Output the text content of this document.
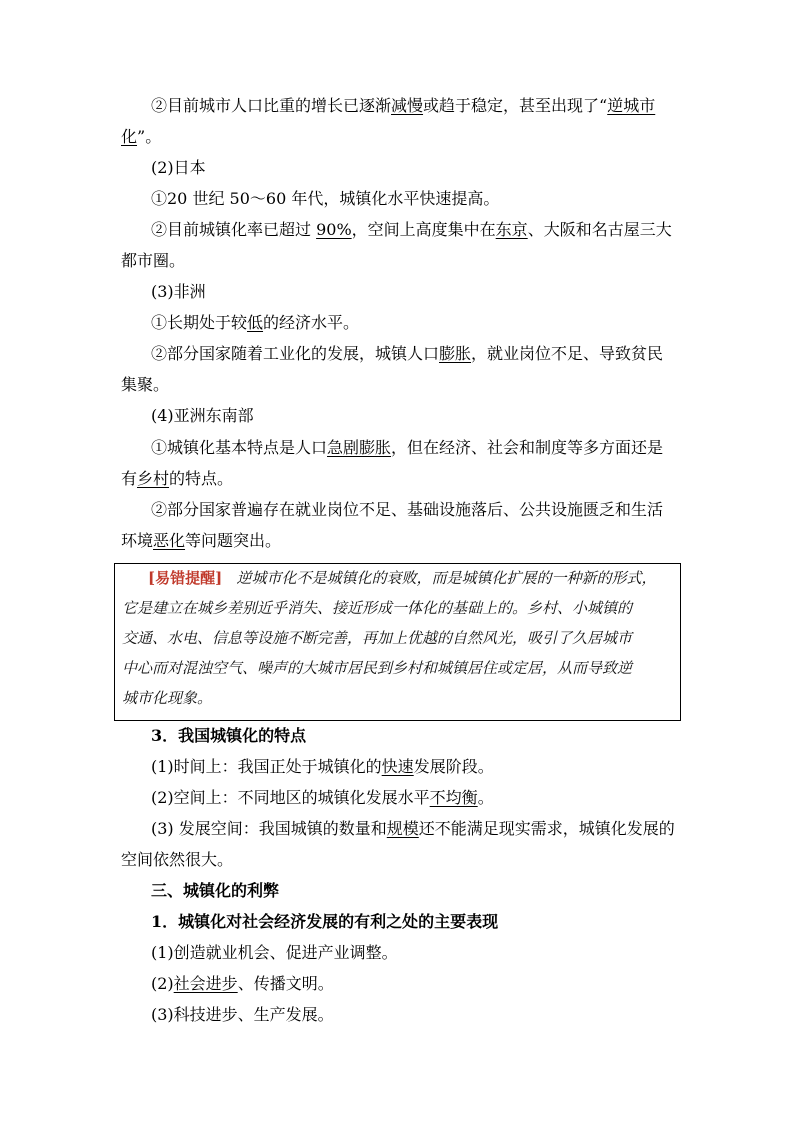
②目前城市人口比重的增长已逐渐减慢或趋于稳定，甚至出现了“逆城市
化”。
(2)日本
①20 世纪 50～60 年代，城镇化水平快速提高。
②目前城镇化率已超过 90%，空间上高度集中在东京、大阪和名古屋三大
都市圈。
(3)非洲
①长期处于较低的经济水平。
②部分国家随着工业化的发展，城镇人口膨胀，就业岗位不足、导致贫民
集聚。
(4)亚洲东南部
①城镇化基本特点是人口急剧膨胀，但在经济、社会和制度等多方面还是
有乡村的特点。
②部分国家普遍存在就业岗位不足、基础设施落后、公共设施匮乏和生活
环境恶化等问题突出。
[易错提醒] 逆城市化不是城镇化的衰败，而是城镇化扩展的一种新的形式，
它是建立在城乡差别近乎消失、接近形成一体化的基础上的。乡村、小城镇的
交通、水电、信息等设施不断完善，再加上优越的自然风光，吸引了久居城市
中心而对混浊空气、噪声的大城市居民到乡村和城镇居住或定居，从而导致逆
城市化现象。
3．我国城镇化的特点
(1)时间上：我国正处于城镇化的快速发展阶段。
(2)空间上：不同地区的城镇化发展水平不均衡。
(3) 发展空间：我国城镇的数量和规模还不能满足现实需求，城镇化发展的
空间依然很大。
三、城镇化的利弊
1．城镇化对社会经济发展的有利之处的主要表现
(1)创造就业机会、促进产业调整。
(2)社会进步、传播文明。
(3)科技进步、生产发展。
